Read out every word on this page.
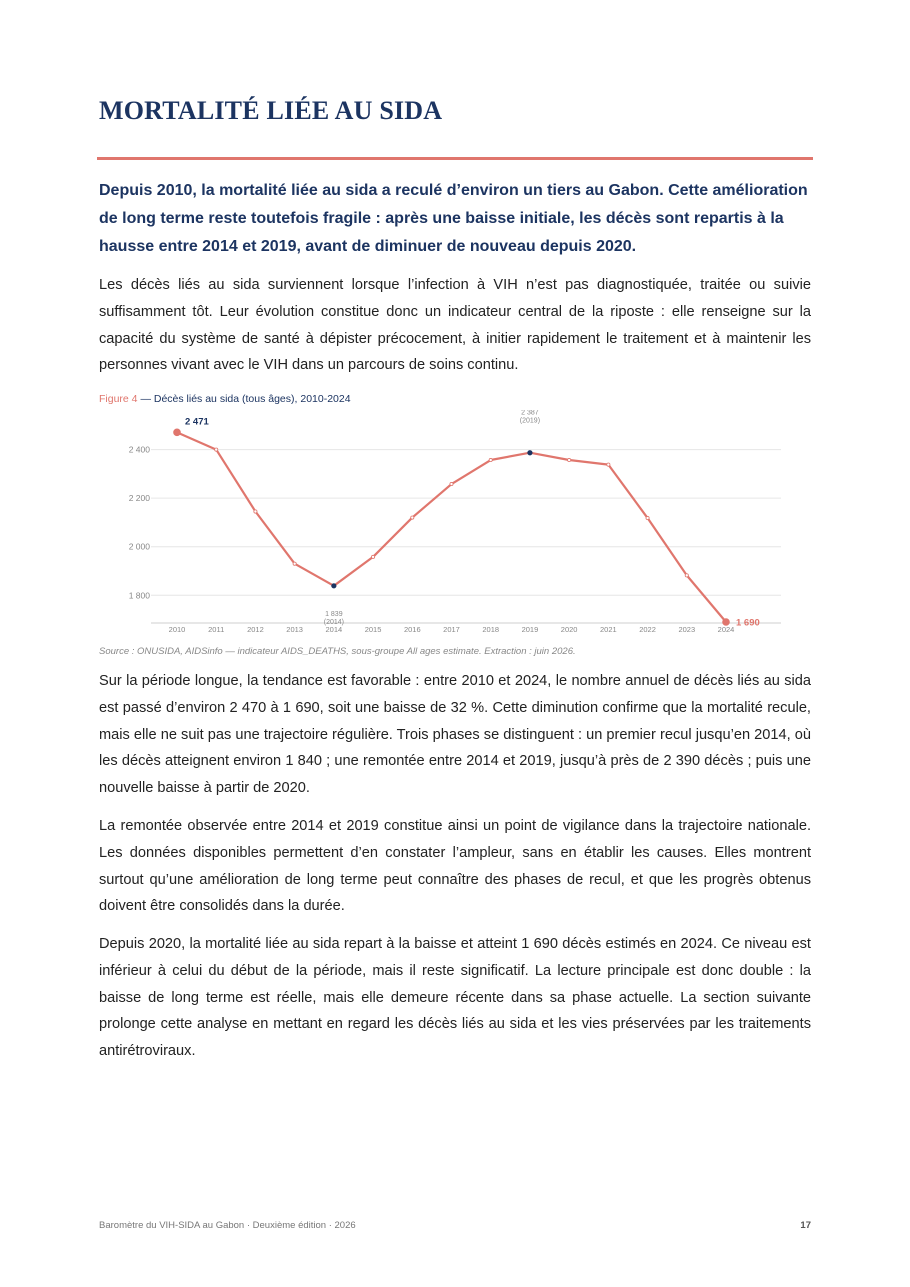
MORTALITÉ LIÉE AU SIDA

Depuis 2010, la mortalité liée au sida a reculé d’environ un tiers au Gabon. Cette amélioration de long terme reste toutefois fragile : après une baisse initiale, les décès sont repartis à la hausse entre 2014 et 2019, avant de diminuer de nouveau depuis 2020.

Les décès liés au sida surviennent lorsque l’infection à VIH n’est pas diagnostiquée, traitée ou suivie suffisamment tôt. Leur évolution constitue donc un indicateur central de la riposte : elle renseigne sur la capacité du système de santé à dépister précocement, à initier rapidement le traitement et à maintenir les personnes vivant avec le VIH dans un parcours de soins continu.

Figure 4 — Décès liés au sida (tous âges), 2010-2024
1 800
2 000
2 200
2 400
2010	2011	2012	2013	2014	2015	2016	2017	2018	2019	2020	2021	2022	2023	2024
2 471
1 839
(2014)
2 387
(2019)
1 690
Source : ONUSIDA, AIDSinfo — indicateur AIDS_DEATHS, sous-groupe All ages estimate. Extraction : juin 2026.

Sur la période longue, la tendance est favorable : entre 2010 et 2024, le nombre annuel de décès liés au sida est passé d’environ 2 470 à 1 690, soit une baisse de 32 %. Cette diminution confirme que la mortalité recule, mais elle ne suit pas une trajectoire régulière. Trois phases se distinguent : un premier recul jusqu’en 2014, où les décès atteignent environ 1 840 ; une remontée entre 2014 et 2019, jusqu’à près de 2 390 décès ; puis une nouvelle baisse à partir de 2020.

La remontée observée entre 2014 et 2019 constitue ainsi un point de vigilance dans la trajectoire nationale. Les données disponibles permettent d’en constater l’ampleur, sans en établir les causes. Elles montrent surtout qu’une amélioration de long terme peut connaître des phases de recul, et que les progrès obtenus doivent être consolidés dans la durée.

Depuis 2020, la mortalité liée au sida repart à la baisse et atteint 1 690 décès estimés en 2024. Ce niveau est inférieur à celui du début de la période, mais il reste significatif. La lecture principale est donc double : la baisse de long terme est réelle, mais elle demeure récente dans sa phase actuelle. La section suivante prolonge cette analyse en mettant en regard les décès liés au sida et les vies préservées par les traitements antirétroviraux.

Baromètre du VIH-SIDA au Gabon · Deuxième édition · 2026	17
